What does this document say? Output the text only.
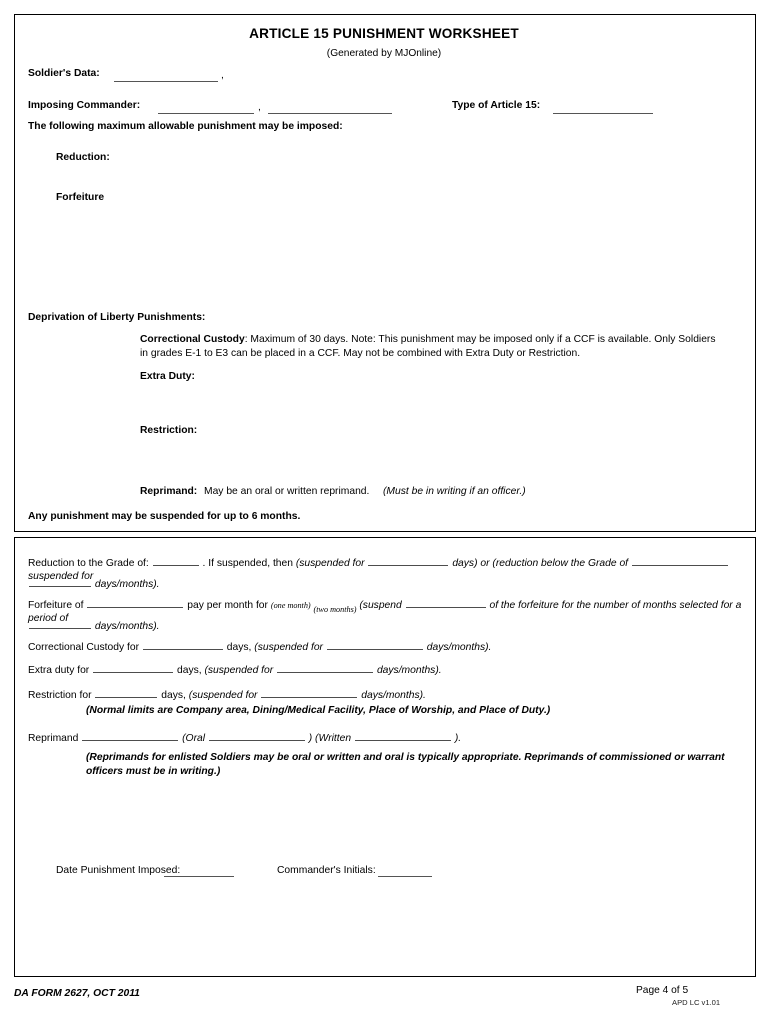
ARTICLE 15 PUNISHMENT WORKSHEET
(Generated by MJOnline)
Soldier's Data:	,
Imposing Commander:	,	Type of Article 15:
The following maximum allowable punishment may be imposed:
Reduction:
Forfeiture
Deprivation of Liberty Punishments:
Correctional Custody: Maximum of 30 days. Note: This punishment may be imposed only if a CCF is available. Only Soldiers
in grades E-1 to E3 can be placed in a CCF. May not be combined with Extra Duty or Restriction.
Extra Duty:
Restriction:
Reprimand: May be an oral or written reprimand. (Must be in writing if an officer.)
Any punishment may be suspended for up to 6 months.
Reduction to the Grade of:	. If suspended, then (suspended for	days) or (reduction below the Grade of  suspended for
days/months).
Forfeiture of	pay per month for (one month) $_{(two months)}$ (suspend	of the forfeiture for the number of months selected for a period of
days/months).
Correctional Custody for	days, (suspended for	days/months).
Extra duty for	days, (suspended for	days/months).
Restriction for	days, (suspended for	days/months).
(Normal limits are Company area, Dining/Medical Facility, Place of Worship, and Place of Duty.)
Reprimand	(Oral	) (Written	).
(Reprimands for enlisted Soldiers may be oral or written and oral is typically appropriate. Reprimands of commissioned or warrant
officers must be in writing.)
Date Punishment Imposed:	Commander's Initials:
DA FORM 2627, OCT 2011	Page 4 of 5
APD LC v1.01
